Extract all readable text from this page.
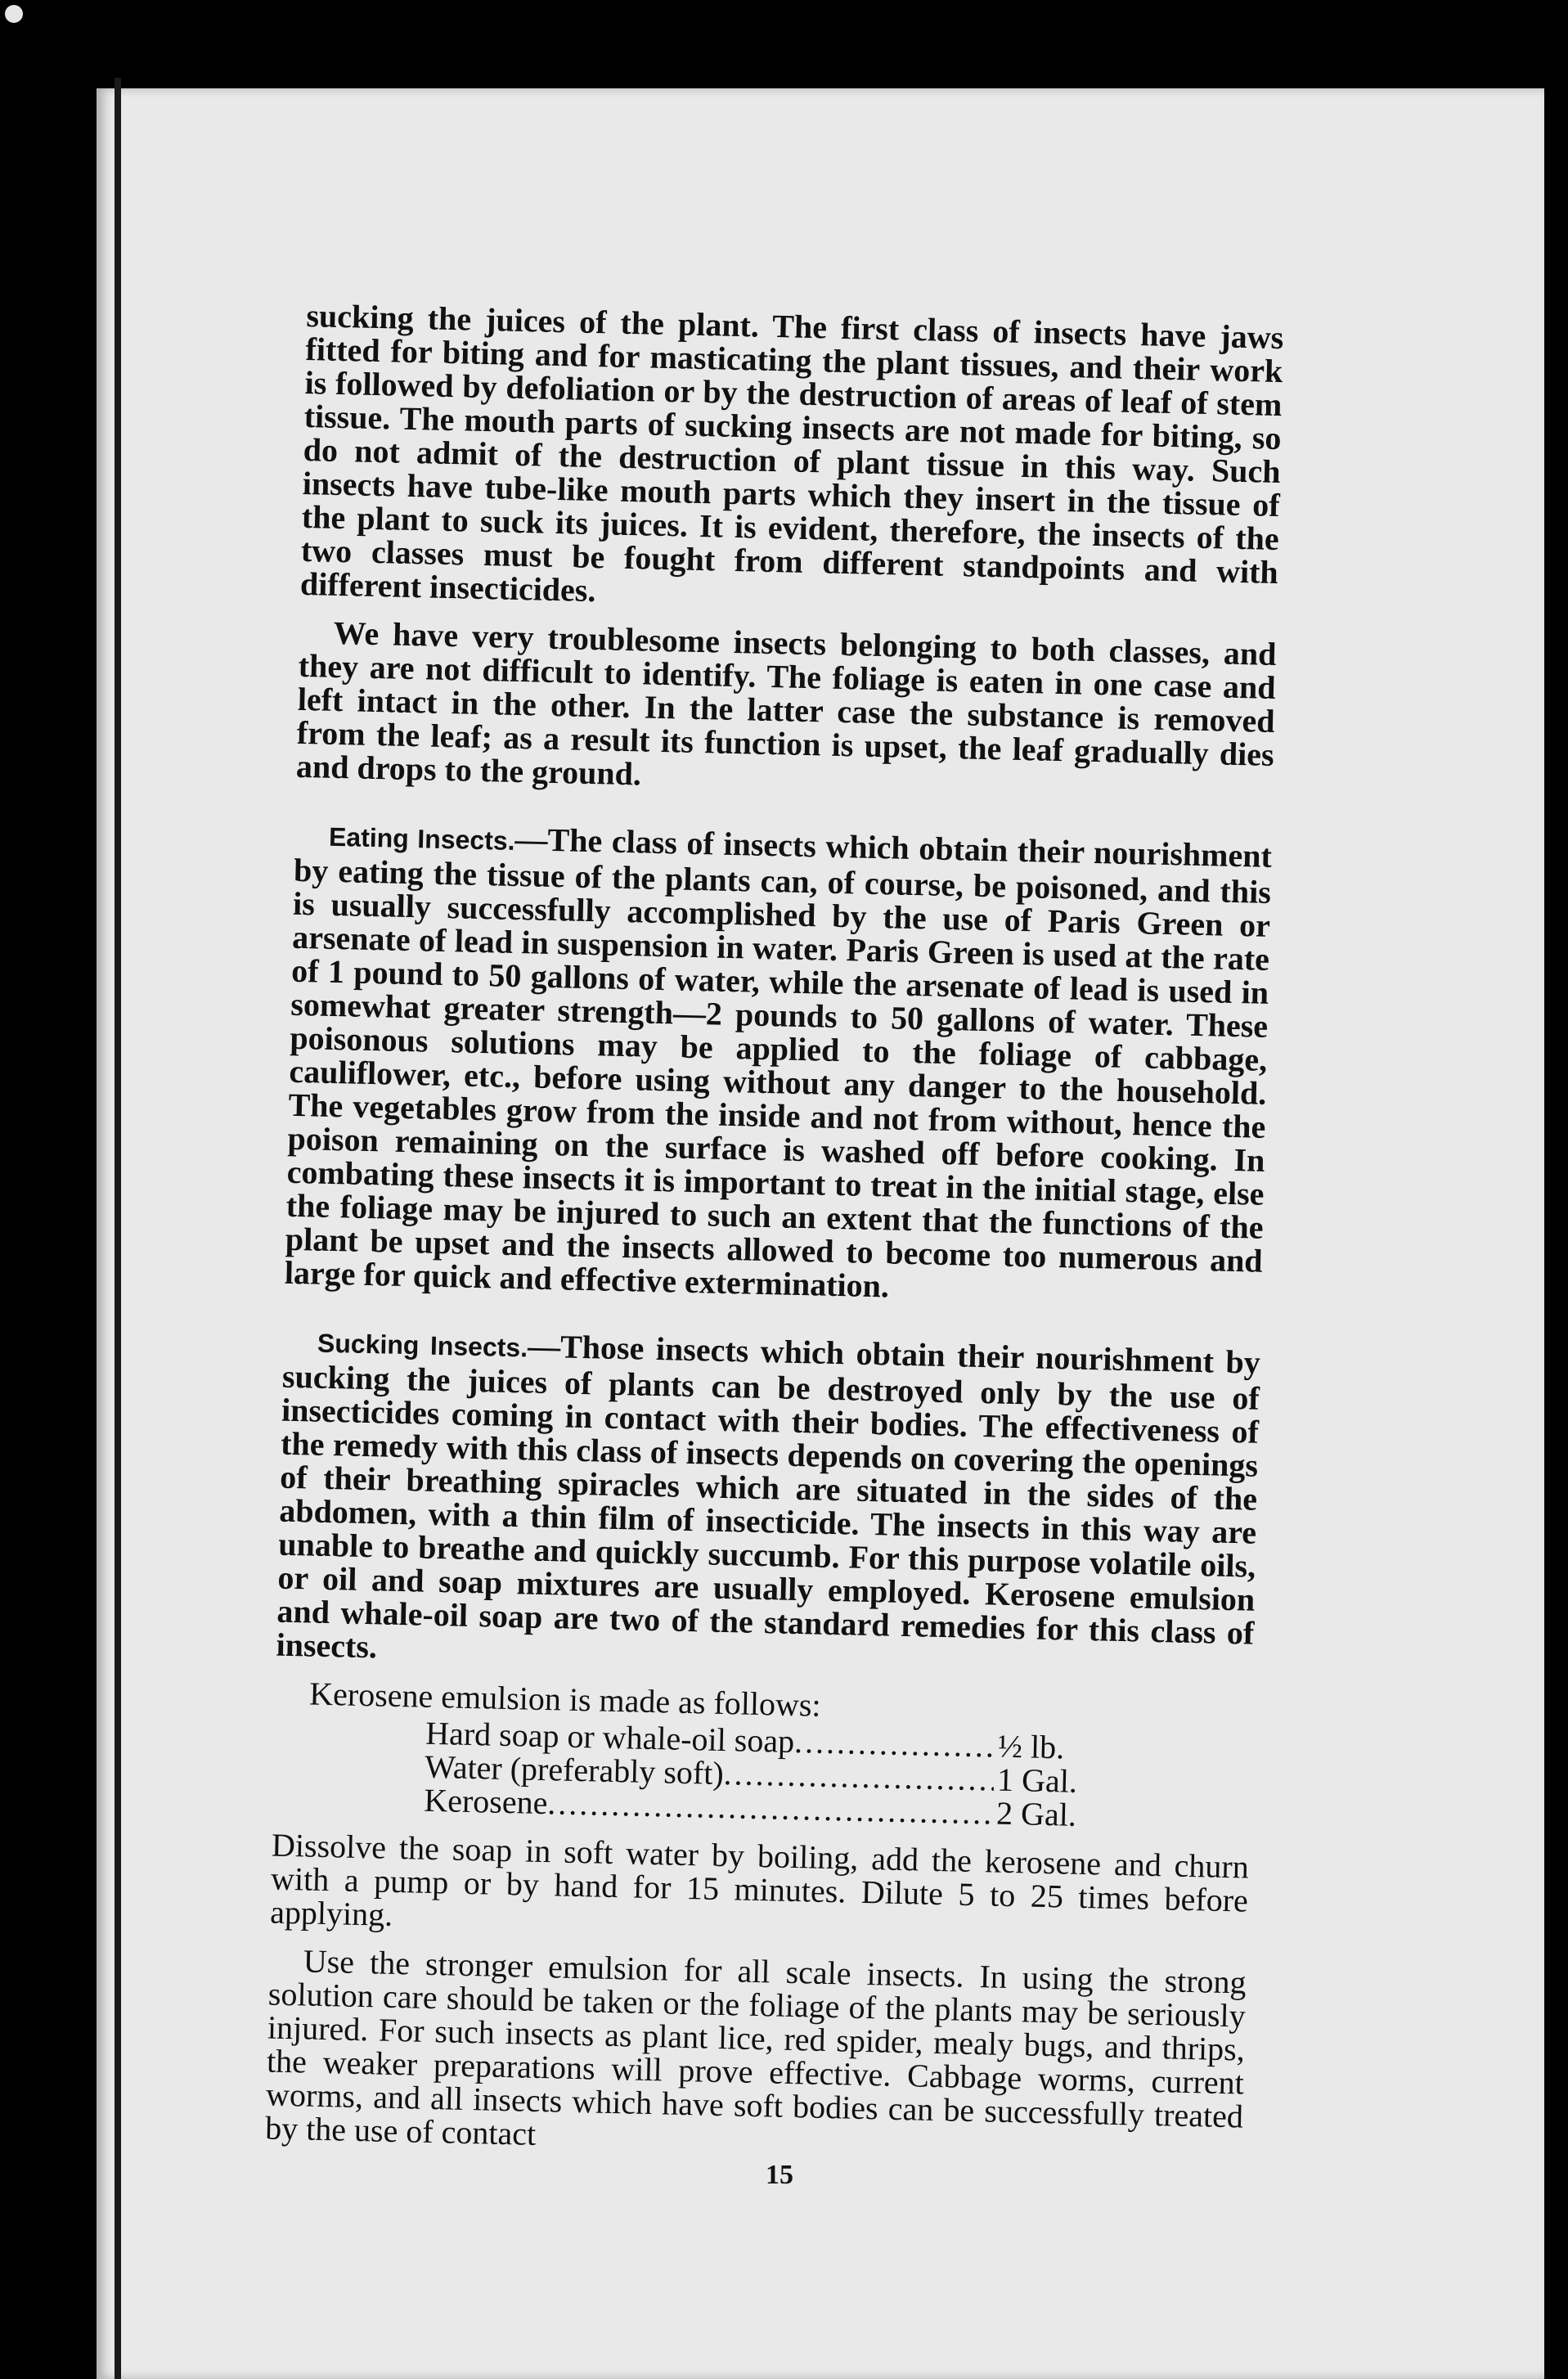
sucking the juices of the plant. The first class of insects have jaws fitted for biting and for masticating the plant tissues, and their work is followed by defoliation or by the destruction of areas of leaf of stem tissue. The mouth parts of sucking insects are not made for biting, so do not admit of the destruction of plant tissue in this way. Such insects have tube-like mouth parts which they insert in the tissue of the plant to suck its juices. It is evident, therefore, the insects of the two classes must be fought from different standpoints and with different insecticides.

We have very troublesome insects belonging to both classes, and they are not difficult to identify. The foliage is eaten in one case and left intact in the other. In the latter case the substance is removed from the leaf; as a result its function is upset, the leaf gradually dies and drops to the ground.

Eating Insects.—The class of insects which obtain their nourishment by eating the tissue of the plants can, of course, be poisoned, and this is usually successfully accomplished by the use of Paris Green or arsenate of lead in suspension in water. Paris Green is used at the rate of 1 pound to 50 gallons of water, while the arsenate of lead is used in somewhat greater strength—2 pounds to 50 gallons of water. These poisonous solutions may be applied to the foliage of cabbage, cauliflower, etc., before using without any danger to the household. The vegetables grow from the inside and not from without, hence the poison remaining on the surface is washed off before cooking. In combating these insects it is important to treat in the initial stage, else the foliage may be injured to such an extent that the functions of the plant be upset and the insects allowed to become too numerous and large for quick and effective extermination.

Sucking Insects.—Those insects which obtain their nourishment by sucking the juices of plants can be destroyed only by the use of insecticides coming in contact with their bodies. The effectiveness of the remedy with this class of insects depends on covering the openings of their breathing spiracles which are situated in the sides of the abdomen, with a thin film of insecticide. The insects in this way are unable to breathe and quickly succumb. For this purpose volatile oils, or oil and soap mixtures are usually employed. Kerosene emulsion and whale-oil soap are two of the standard remedies for this class of insects.

Kerosene emulsion is made as follows:

Hard soap or whale-oil soap .....	½ lb.
Water (preferably soft) .....	1 Gal.
Kerosene .....	2 Gal.

Dissolve the soap in soft water by boiling, add the kerosene and churn with a pump or by hand for 15 minutes. Dilute 5 to 25 times before applying.

Use the stronger emulsion for all scale insects. In using the strong solution care should be taken or the foliage of the plants may be seriously injured. For such insects as plant lice, red spider, mealy bugs, and thrips, the weaker preparations will prove effective. Cabbage worms, current worms, and all insects which have soft bodies can be successfully treated by the use of contact

15
